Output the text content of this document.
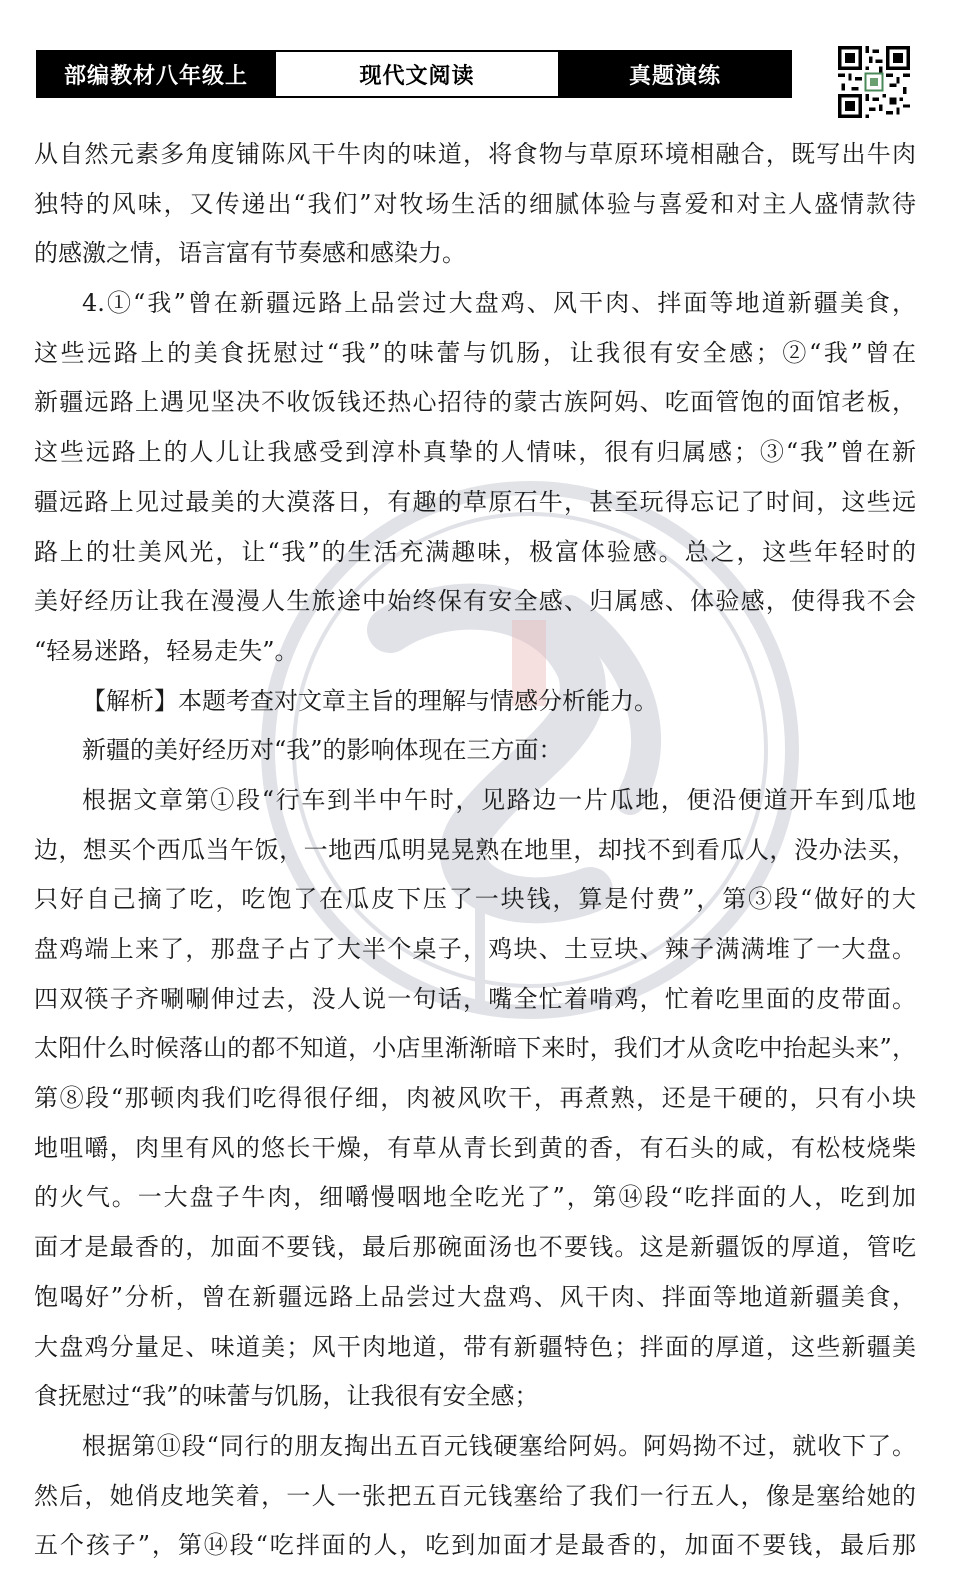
部编教材八年级上	现代文阅读	真题演练
从自然元素多角度铺陈风干牛肉的味道，将食物与草原环境相融合，既写出牛肉
独特的风味，又传递出“我们”对牧场生活的细腻体验与喜爱和对主人盛情款待
的感激之情，语言富有节奏感和感染力。
4.①“我”曾在新疆远路上品尝过大盘鸡、风干肉、拌面等地道新疆美食，
这些远路上的美食抚慰过“我”的味蕾与饥肠，让我很有安全感；②“我”曾在
新疆远路上遇见坚决不收饭钱还热心招待的蒙古族阿妈、吃面管饱的面馆老板，
这些远路上的人儿让我感受到淳朴真挚的人情味，很有归属感；③“我”曾在新
疆远路上见过最美的大漠落日，有趣的草原石牛，甚至玩得忘记了时间，这些远
路上的壮美风光，让“我”的生活充满趣味，极富体验感。总之，这些年轻时的
美好经历让我在漫漫人生旅途中始终保有安全感、归属感、体验感，使得我不会
“轻易迷路，轻易走失”。
【解析】本题考查对文章主旨的理解与情感分析能力。
新疆的美好经历对“我”的影响体现在三方面：
根据文章第①段“行车到半中午时，见路边一片瓜地，便沿便道开车到瓜地
边，想买个西瓜当午饭，一地西瓜明晃晃熟在地里，却找不到看瓜人，没办法买，
只好自己摘了吃，吃饱了在瓜皮下压了一块钱，算是付费”，第③段“做好的大
盘鸡端上来了，那盘子占了大半个桌子，鸡块、土豆块、辣子满满堆了一大盘。
四双筷子齐唰唰伸过去，没人说一句话，嘴全忙着啃鸡，忙着吃里面的皮带面。
太阳什么时候落山的都不知道，小店里渐渐暗下来时，我们才从贪吃中抬起头来”，
第⑧段“那顿肉我们吃得很仔细，肉被风吹干，再煮熟，还是干硬的，只有小块
地咀嚼，肉里有风的悠长干燥，有草从青长到黄的香，有石头的咸，有松枝烧柴
的火气。一大盘子牛肉，细嚼慢咽地全吃光了”，第⑭段“吃拌面的人，吃到加
面才是最香的，加面不要钱，最后那碗面汤也不要钱。这是新疆饭的厚道，管吃
饱喝好”分析，曾在新疆远路上品尝过大盘鸡、风干肉、拌面等地道新疆美食，
大盘鸡分量足、味道美；风干肉地道，带有新疆特色；拌面的厚道，这些新疆美
食抚慰过“我”的味蕾与饥肠，让我很有安全感；
根据第⑪段“同行的朋友掏出五百元钱硬塞给阿妈。阿妈拗不过，就收下了。
然后，她俏皮地笑着，一人一张把五百元钱塞给了我们一行五人，像是塞给她的
五个孩子”，第⑭段“吃拌面的人，吃到加面才是最香的，加面不要钱，最后那
